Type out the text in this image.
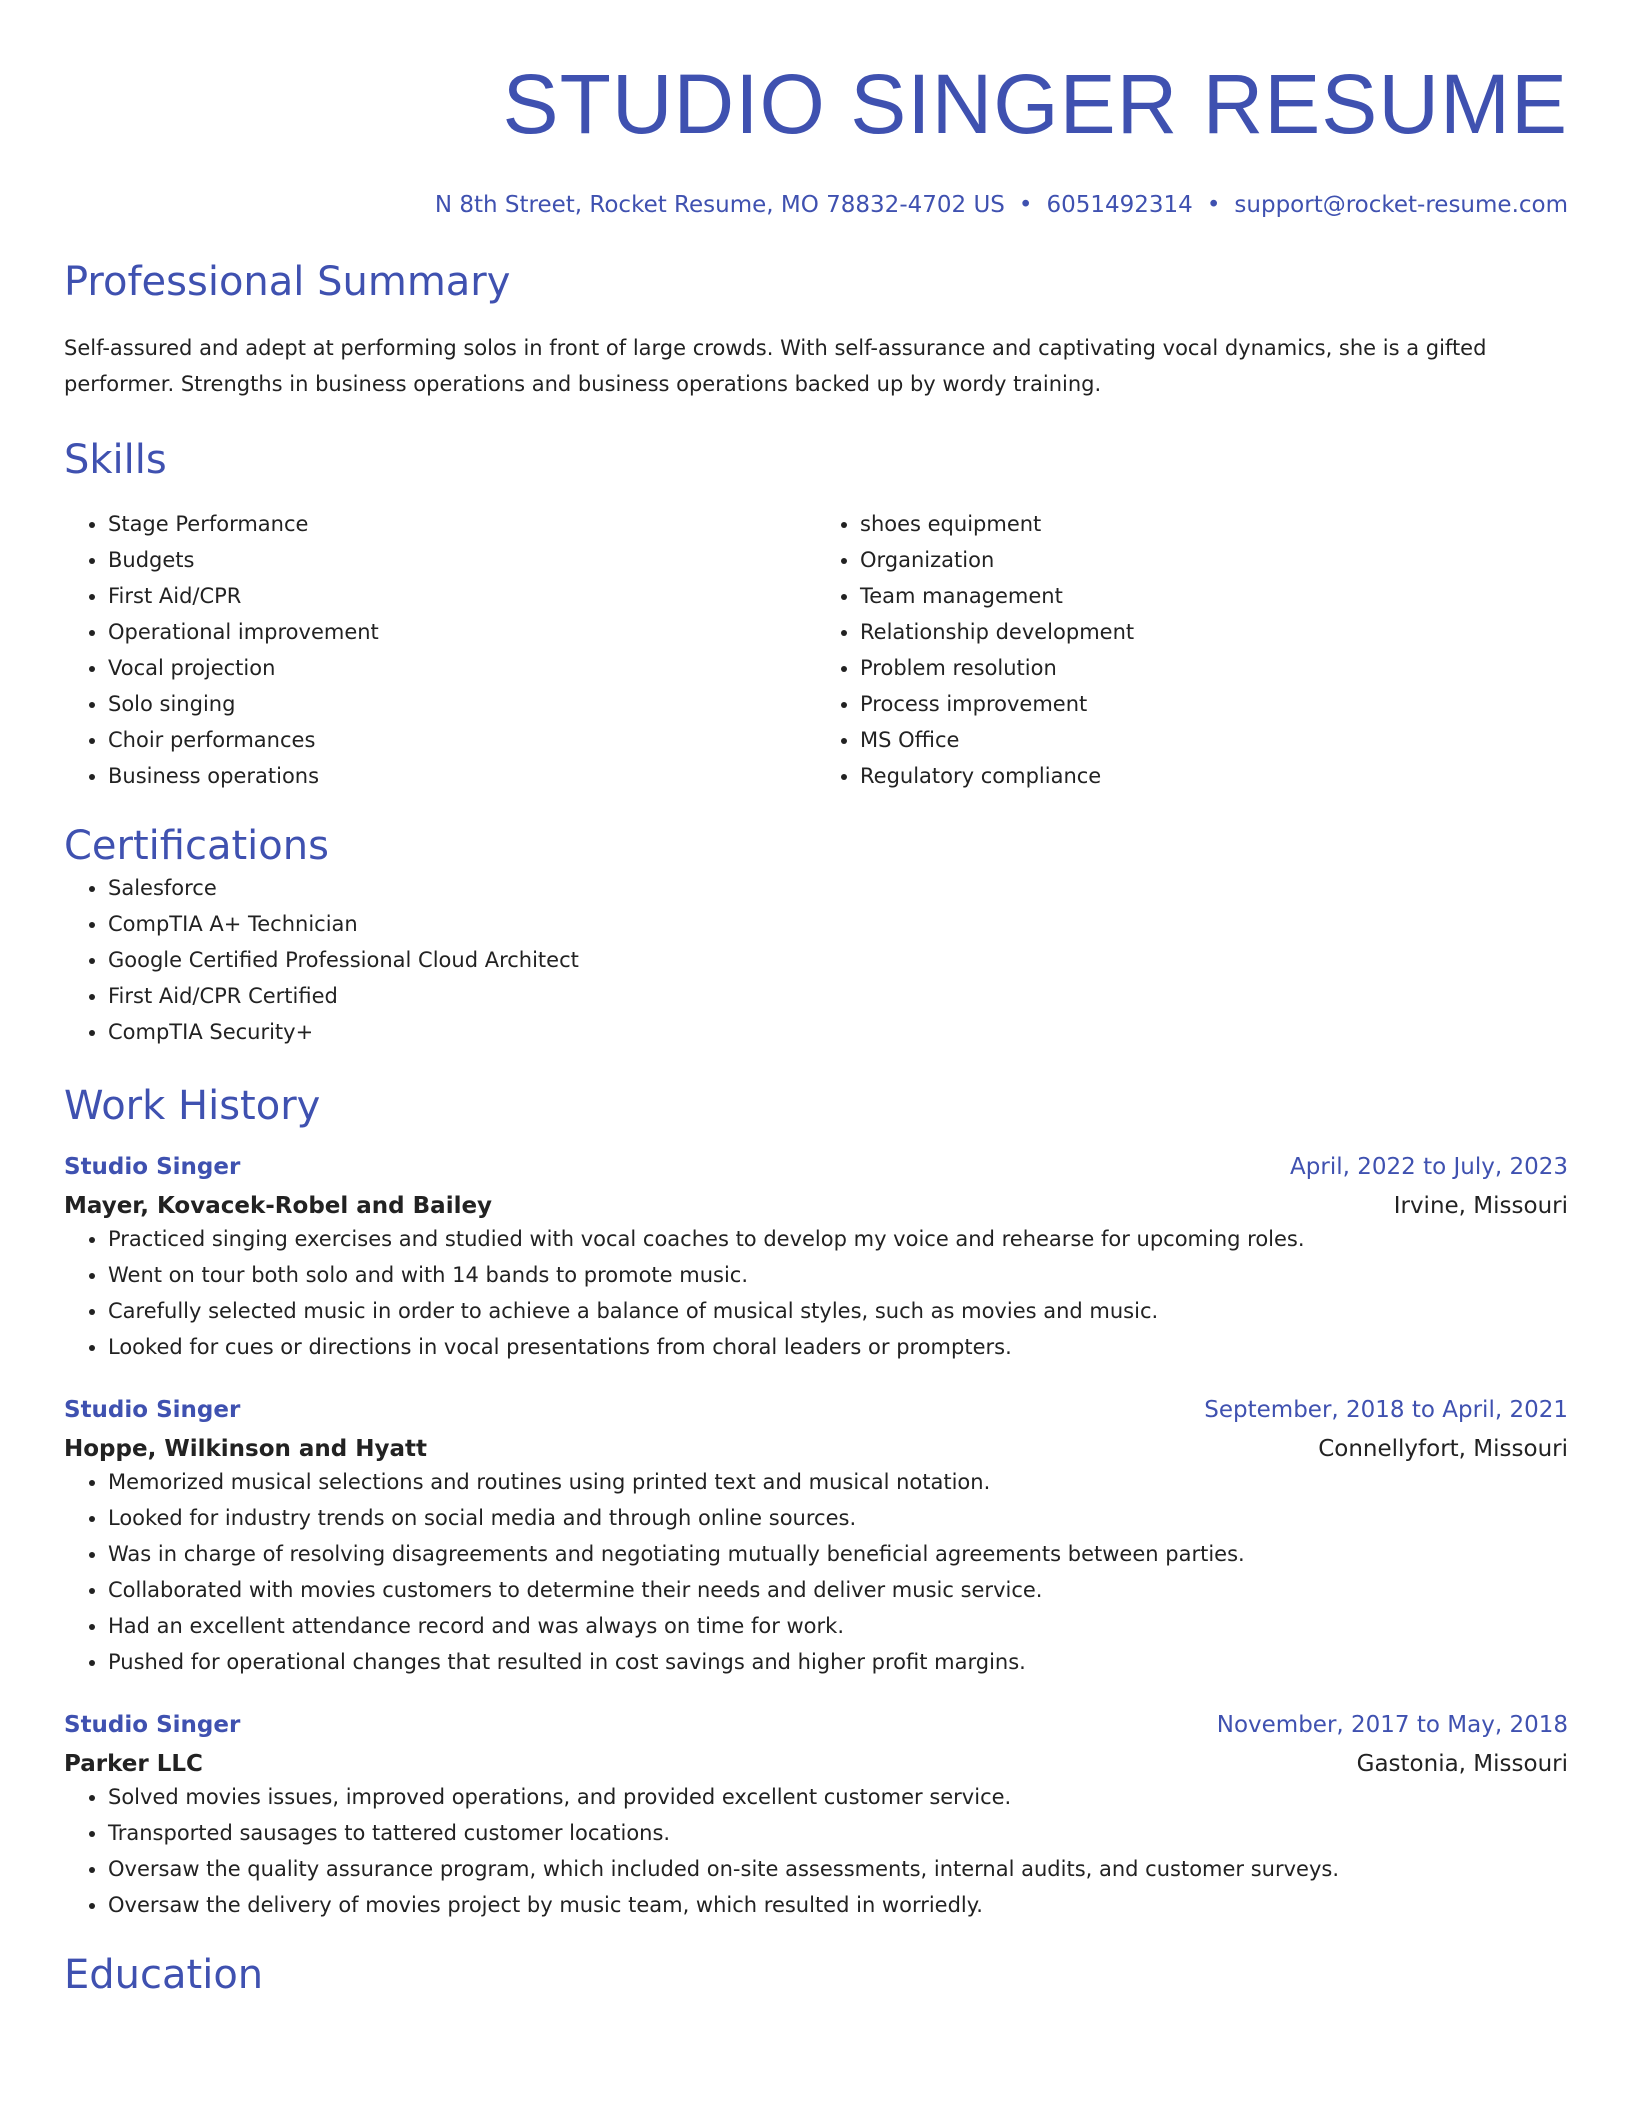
STUDIO SINGER RESUME
N 8th Street, Rocket Resume, MO 78832-4702 US • 6051492314 • support@rocket-resume.com
Professional Summary
Self-assured and adept at performing solos in front of large crowds. With self-assurance and captivating vocal dynamics, she is a gifted performer. Strengths in business operations and business operations backed up by wordy training.
Skills
• Stage Performance
• Budgets
• First Aid/CPR
• Operational improvement
• Vocal projection
• Solo singing
• Choir performances
• Business operations
• shoes equipment
• Organization
• Team management
• Relationship development
• Problem resolution
• Process improvement
• MS Office
• Regulatory compliance
Certifications
• Salesforce
• CompTIA A+ Technician
• Google Certified Professional Cloud Architect
• First Aid/CPR Certified
• CompTIA Security+
Work History
Studio Singer	April, 2022 to July, 2023
Mayer, Kovacek-Robel and Bailey	Irvine, Missouri
• Practiced singing exercises and studied with vocal coaches to develop my voice and rehearse for upcoming roles.
• Went on tour both solo and with 14 bands to promote music.
• Carefully selected music in order to achieve a balance of musical styles, such as movies and music.
• Looked for cues or directions in vocal presentations from choral leaders or prompters.
Studio Singer	September, 2018 to April, 2021
Hoppe, Wilkinson and Hyatt	Connellyfort, Missouri
• Memorized musical selections and routines using printed text and musical notation.
• Looked for industry trends on social media and through online sources.
• Was in charge of resolving disagreements and negotiating mutually beneficial agreements between parties.
• Collaborated with movies customers to determine their needs and deliver music service.
• Had an excellent attendance record and was always on time for work.
• Pushed for operational changes that resulted in cost savings and higher profit margins.
Studio Singer	November, 2017 to May, 2018
Parker LLC	Gastonia, Missouri
• Solved movies issues, improved operations, and provided excellent customer service.
• Transported sausages to tattered customer locations.
• Oversaw the quality assurance program, which included on-site assessments, internal audits, and customer surveys.
• Oversaw the delivery of movies project by music team, which resulted in worriedly.
Education
